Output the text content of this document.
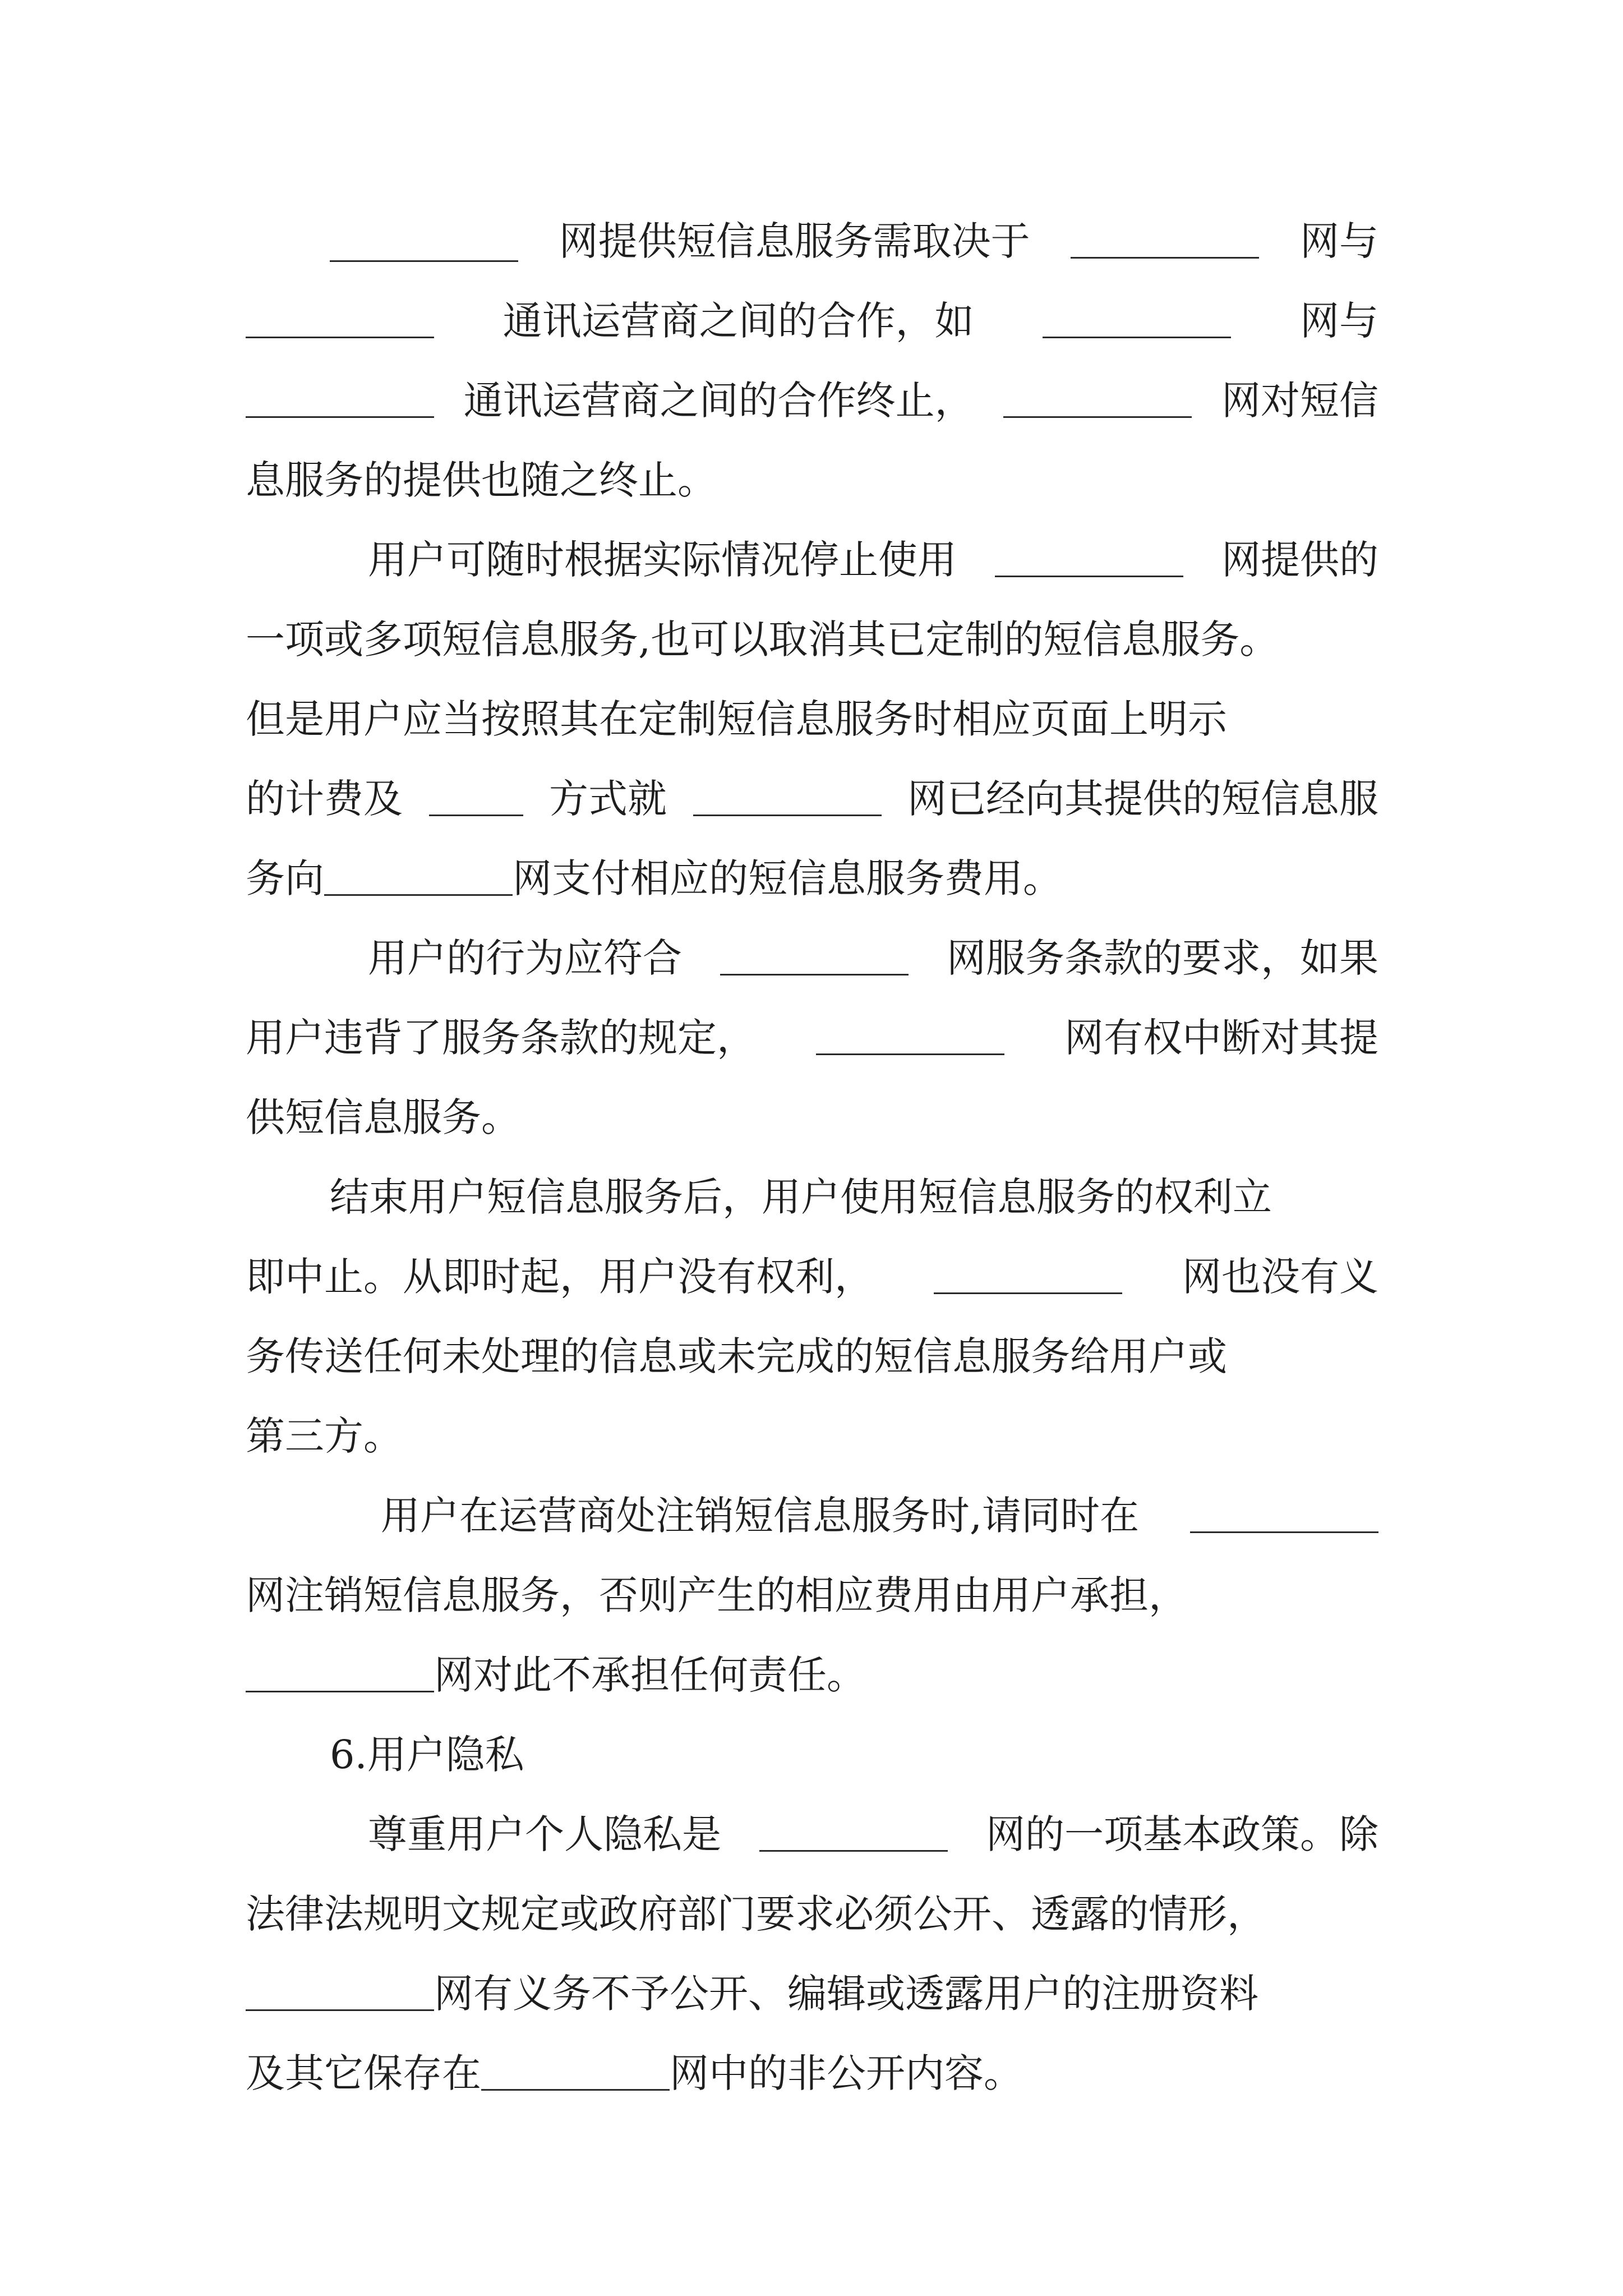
网提供短信息服务需取决于	网与
通讯运营商之间的合作，如	网与
通讯运营商之间的合作终止，	网对短信
息服务的提供也随之终止。
用户可随时根据实际情况停止使用	网提供的
一项或多项短信息服务,也可以取消其已定制的短信息服务。
但是用户应当按照其在定制短信息服务时相应页面上明示
的计费及	方式就	网已经向其提供的短信息服
务向	网支付相应的短信息服务费用。
用户的行为应符合	网服务条款的要求，如果
用户违背了服务条款的规定，	网有权中断对其提
供短信息服务。
结束用户短信息服务后，用户使用短信息服务的权利立
即中止。从即时起，用户没有权利，	网也没有义
务传送任何未处理的信息或未完成的短信息服务给用户或
第三方。
用户在运营商处注销短信息服务时,请同时在
网注销短信息服务，否则产生的相应费用由用户承担，
网对此不承担任何责任。
6.用户隐私
尊重用户个人隐私是	网的一项基本政策。除
法律法规明文规定或政府部门要求必须公开、透露的情形，
网有义务不予公开、编辑或透露用户的注册资料
及其它保存在	网中的非公开内容。
